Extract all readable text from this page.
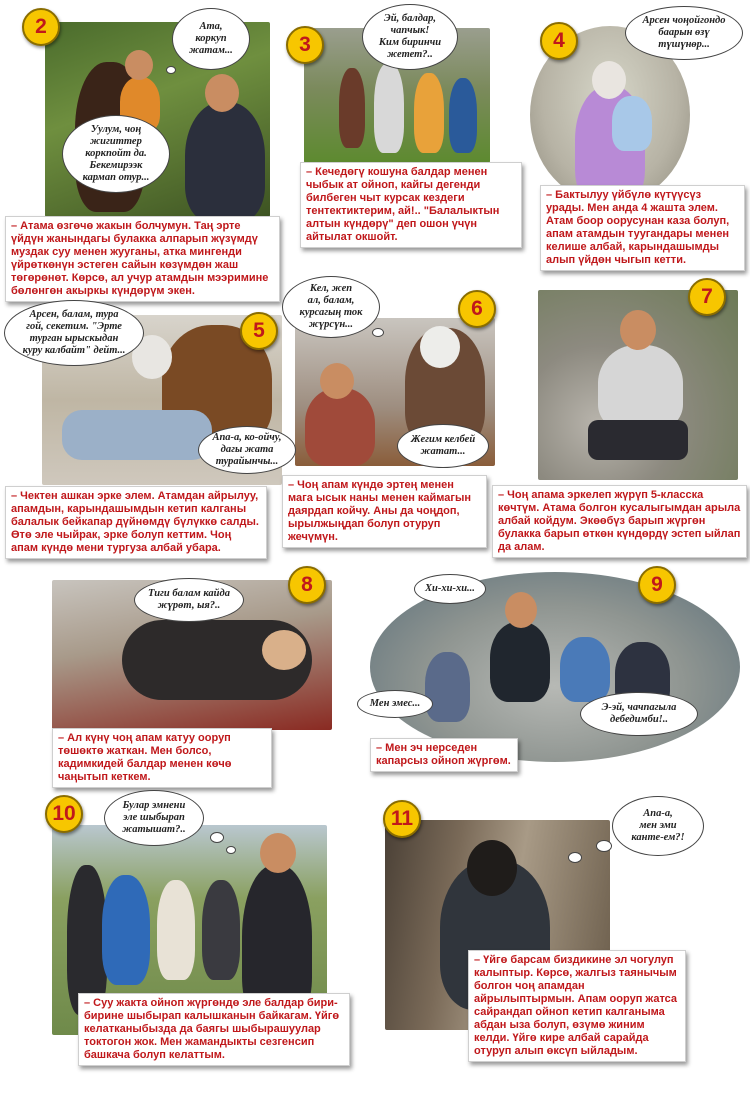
2	Ата,
коркуп
жатам...
Уулум, чоң
жигиттер
коркпойт да.
Бекемирээк
кармап отур...
– Атама өзгөчө жакын болчумун. Таң эрте үйдүн жанындагы булакка алпарып жүзүмдү муздак суу менен жууганы, атка мингенди үйрөткөнүн эстеген сайын көзүмдөн жаш төгөрөнөт. Көрсө, ал учур атамдын мээримине бөлөнгөн акыркы күндөрүм экен.
3
Эй, балдар,
чапчык!
Ким биринчи
жетет?..
– Кечедөгү кошуна балдар менен чыбык ат ойноп, кайгы дегенди билбеген чыт курсак кездеги тентектиктерим, ай!.. "Балалыктын алтын күндөрү" деп ошон үчүн айтылат окшойт.
4
Арсен чоңойгондо
баарын өзү
түшүнөр...
– Бактылуу үйбүлө күтүүсүз урады. Мен анда 4 жашта элем. Атам боор оорусунан каза болуп, апам атамдын туугандары менен келише албай, карындашымды алып үйдөн чыгып кетти.
5
Арсен, балам, тура
гой, секетим. "Эрте
турган ырыскыдан
куру калбайт" дейт...
Апа-а, ко-ойчу,
дагы жата
турайынчы...
– Чектен ашкан эрке элем. Атамдан айрылуу, апамдын, карындашымдын кетип калганы балалык бейкапар дүйнөмдү бүлүккө салды. Өтө эле чыйрак, эрке болуп кеттим. Чоң апам күндө мени тургуза албай убара.
6
Кел, жеп
ал, балам,
курсагың ток
жүрсүн...
Жегим келбей
жатат...
– Чоң апам күндө эртең менен мага ысык наны менен каймагын даярдап койчу. Аны да чоңдоп, ырылжыңдап болуп отуруп жечүмүн.
7
– Чоң апама эркелеп жүрүп 5-класска көчтүм. Атама болгон кусалыгымдан арыла албай койдум. Экөөбүз барып жүргөн булакка барып өткөн күндөрдү эстеп ыйлап да алам.
8
Тиги балам кайда
жүрөт, ыя?..
– Ал күнү чоң апам катуу ооруп төшөктө жаткан. Мен болсо, кадимкидей балдар менен көчө чаңытып кеткем.
9
Хи-хи-хи...
Мен эмес...	Э-эй, чачпагыла
дебедимби!..
– Мен эч нерседен капарсыз ойноп жүргөм.
10	Булар эмнени
эле шыбырап
жатышат?..
– Суу жакта ойноп жүргөндө эле балдар бири-бирине шыбырап калышканын байкагам. Үйгө келатканыбызда да баягы шыбырашуулар токтогон жок. Мен жамандыкты сезгенсип башкача болуп келаттым.
11	Апа-а,
мен эми
канте-ем?!
– Үйгө барсам биздикине эл чогулуп калыптыр. Көрсө, жалгыз таянычым болгон чоң апамдан айрылыптырмын. Апам ооруп жатса сайрандап ойноп кетип калганыма абдан ыза болуп, өзүмө жиним келди. Үйгө кире албай сарайда отуруп алып өксүп ыйладым.
